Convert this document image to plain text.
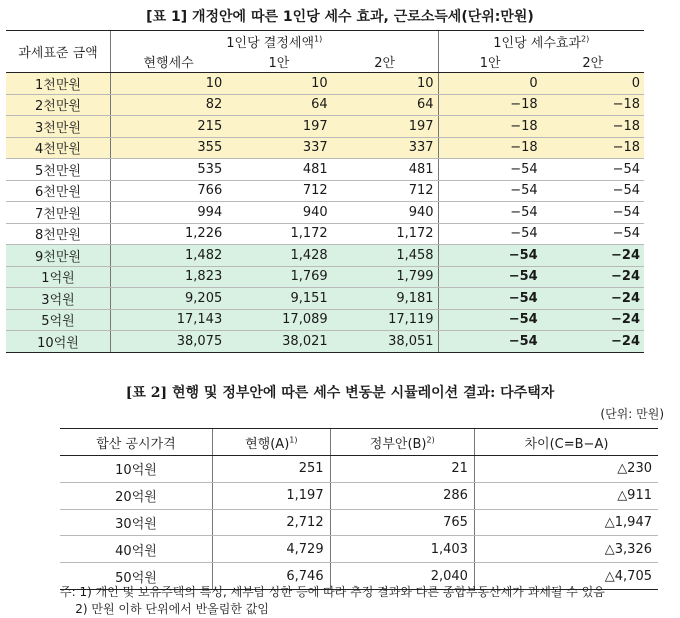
[표 1] 개정안에 따른 1인당 세수 효과, 근로소득세(단위:만원)
과세표준 금액	1인당 결정세액$^{1)}$			1인당 세수효과$^{2)}$
	현행세수	1안	2안	1안	2안
1천만원	10	10	10	0	0
2천만원	82	64	64	−18	−18
3천만원	215	197	197	−18	−18
4천만원	355	337	337	−18	−18
5천만원	535	481	481	−54	−54
6천만원	766	712	712	−54	−54
7천만원	994	940	940	−54	−54
8천만원	1,226	1,172	1,172	−54	−54
9천만원	1,482	1,428	1,458	−54	−24
1억원	1,823	1,769	1,799	−54	−24
3억원	9,205	9,151	9,181	−54	−24
5억원	17,143	17,089	17,119	−54	−24
10억원	38,075	38,021	38,051	−54	−24
[표 2] 현행 및 정부안에 따른 세수 변동분 시뮬레이션 결과: 다주택자
(단위: 만원)
합산 공시가격	현행$(A)^{1)}$	정부안$(B)^{2)}$	차이(C=B−A)
10억원	251	21	△230
20억원	1,197	286	△911
30억원	2,712	765	△1,947
40억원	4,729	1,403	△3,326
50억원	6,746	2,040	△4,705
주: 1) 개인 및 보유주택의 특성, 세부담 상한 등에 따라 추정 결과와 다른 종합부동산세가 과세될 수 있음
2) 만원 이하 단위에서 반올림한 값임
